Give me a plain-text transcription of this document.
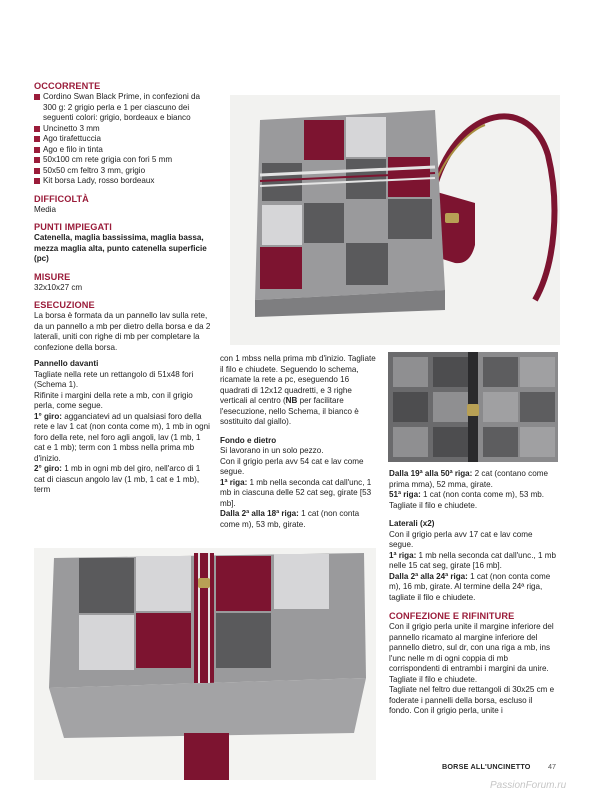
OCCORRENTE

Cordino Swan Black Prime, in confezioni da 300 g: 2 grigio perla e 1 per ciascuno dei seguenti colori: grigio, bordeaux e bianco
Uncinetto 3 mm
Ago tirafettuccia
Ago e filo in tinta
50x100 cm rete grigia con fori 5 mm
50x50 cm feltro 3 mm, grigio
Kit borsa Lady, rosso bordeaux

DIFFICOLTÀ

Media

PUNTI IMPIEGATI

Catenella, maglia bassissima, maglia bassa, mezza maglia alta, punto catenella superficie (pc)

MISURE

32x10x27 cm

ESECUZIONE

La borsa è formata da un pannello lav sulla rete, da un pannello a mb per dietro della borsa e da 2 laterali, uniti con righe di mb per completare la confezione della borsa.

Pannello davanti

Tagliate nella rete un rettangolo di 51x48 fori (Schema 1).

Rifinite i margini della rete a mb, con il grigio perla, come segue.

1° giro: agganciatevi ad un qualsiasi foro della rete e lav 1 cat (non conta come m), 1 mb in ogni foro della rete, nel foro agli angoli, lav (1 mb, 1 cat e 1 mb); term con 1 mbss nella prima mb d'inizio.

2° giro: 1 mb in ogni mb del giro, nell'arco di 1 cat di ciascun angolo lav (1 mb, 1 cat e 1 mb), term

con 1 mbss nella prima mb d'inizio. Tagliate il filo e chiudete. Seguendo lo schema, ricamate la rete a pc, eseguendo 16 quadrati di 12x12 quadretti, e 3 righe verticali al centro (NB per facilitare l'esecuzione, nello Schema, il bianco è sostituito dal giallo).

Fondo e dietro

Si lavorano in un solo pezzo.

Con il grigio perla avv 54 cat e lav come segue.

1ª riga: 1 mb nella seconda cat dall'unc, 1 mb in ciascuna delle 52 cat seg, girate [53 mb].

Dalla 2ª alla 18ª riga: 1 cat (non conta come m), 53 mb, girate.

Dalla 19ª alla 50ª riga: 2 cat (contano come prima mma), 52 mma, girate.

51ª riga: 1 cat (non conta come m), 53 mb. Tagliate il filo e chiudete.

Laterali (x2)

Con il grigio perla avv 17 cat e lav come segue.

1ª riga: 1 mb nella seconda cat dall'unc., 1 mb nelle 15 cat seg, girate [16 mb].

Dalla 2ª alla 24ª riga: 1 cat (non conta come m), 16 mb, girate. Al termine della 24ª riga, tagliate il filo e chiudete.

CONFEZIONE E RIFINITURE

Con il grigio perla unite il margine inferiore del pannello ricamato al margine inferiore del pannello dietro, sul dr, con una riga a mb, ins l'unc nelle m di ogni coppia di mb corrispondenti di entrambi i margini da unire. Tagliate il filo e chiudete.

Tagliate nel feltro due rettangoli di 30x25 cm e foderate i pannelli della borsa, escluso il fondo. Con il grigio perla, unite i

BORSE ALL'UNCINETTO 47
PassionForum.ru
